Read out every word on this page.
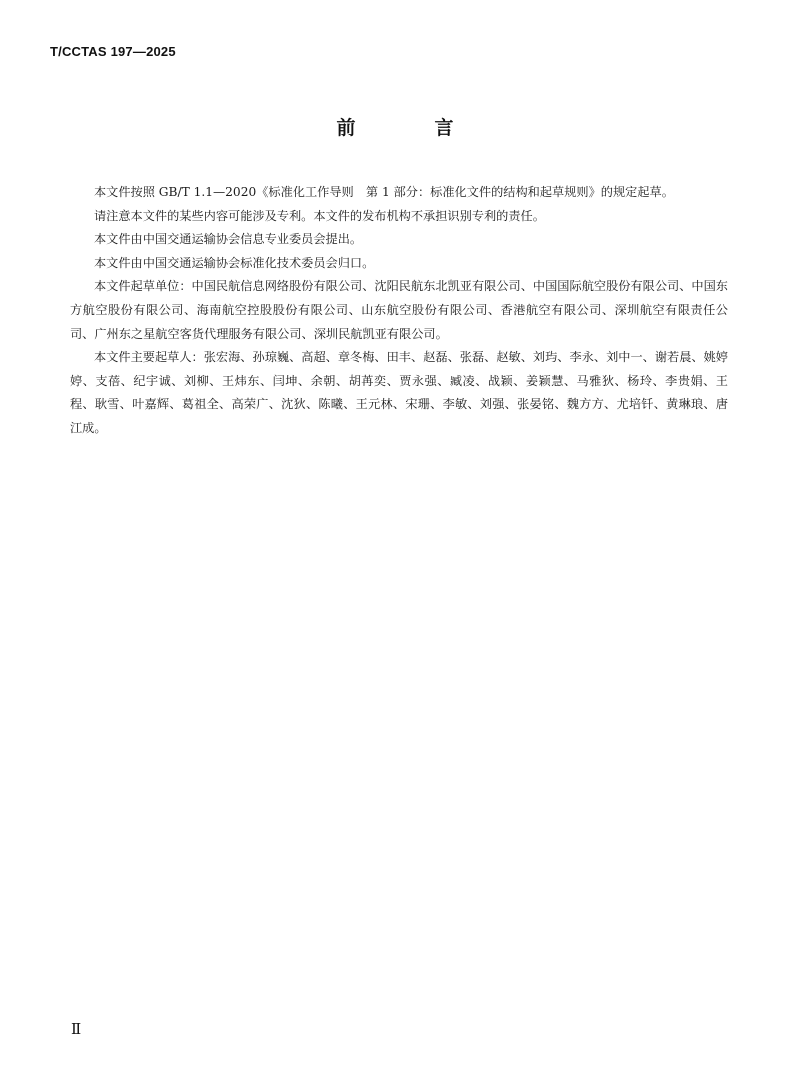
T/CCTAS 197—2025
前　言

本文件按照 GB/T 1.1—2020《标准化工作导则　第 1 部分：标准化文件的结构和起草规则》的规定起草。

请注意本文件的某些内容可能涉及专利。本文件的发布机构不承担识别专利的责任。

本文件由中国交通运输协会信息专业委员会提出。

本文件由中国交通运输协会标准化技术委员会归口。

本文件起草单位：中国民航信息网络股份有限公司、沈阳民航东北凯亚有限公司、中国国际航空股份有限公司、中国东方航空股份有限公司、海南航空控股股份有限公司、山东航空股份有限公司、香港航空有限公司、深圳航空有限责任公司、广州东之星航空客货代理服务有限公司、深圳民航凯亚有限公司。

本文件主要起草人：张宏海、孙琼巍、高超、章冬梅、田丰、赵磊、张磊、赵敏、刘玙、李永、刘中一、谢若晨、姚婷婷、支蓓、纪宇诚、刘柳、王炜东、闫坤、余朝、胡苒奕、贾永强、臧凌、战颖、姜颖慧、马雅狄、杨玲、李贵娟、王程、耿雪、叶嘉辉、葛祖全、高荣广、沈狄、陈曦、王元林、宋珊、李敏、刘强、张晏铭、魏方方、尤培钎、黄琳琅、唐江成。

Ⅱ
